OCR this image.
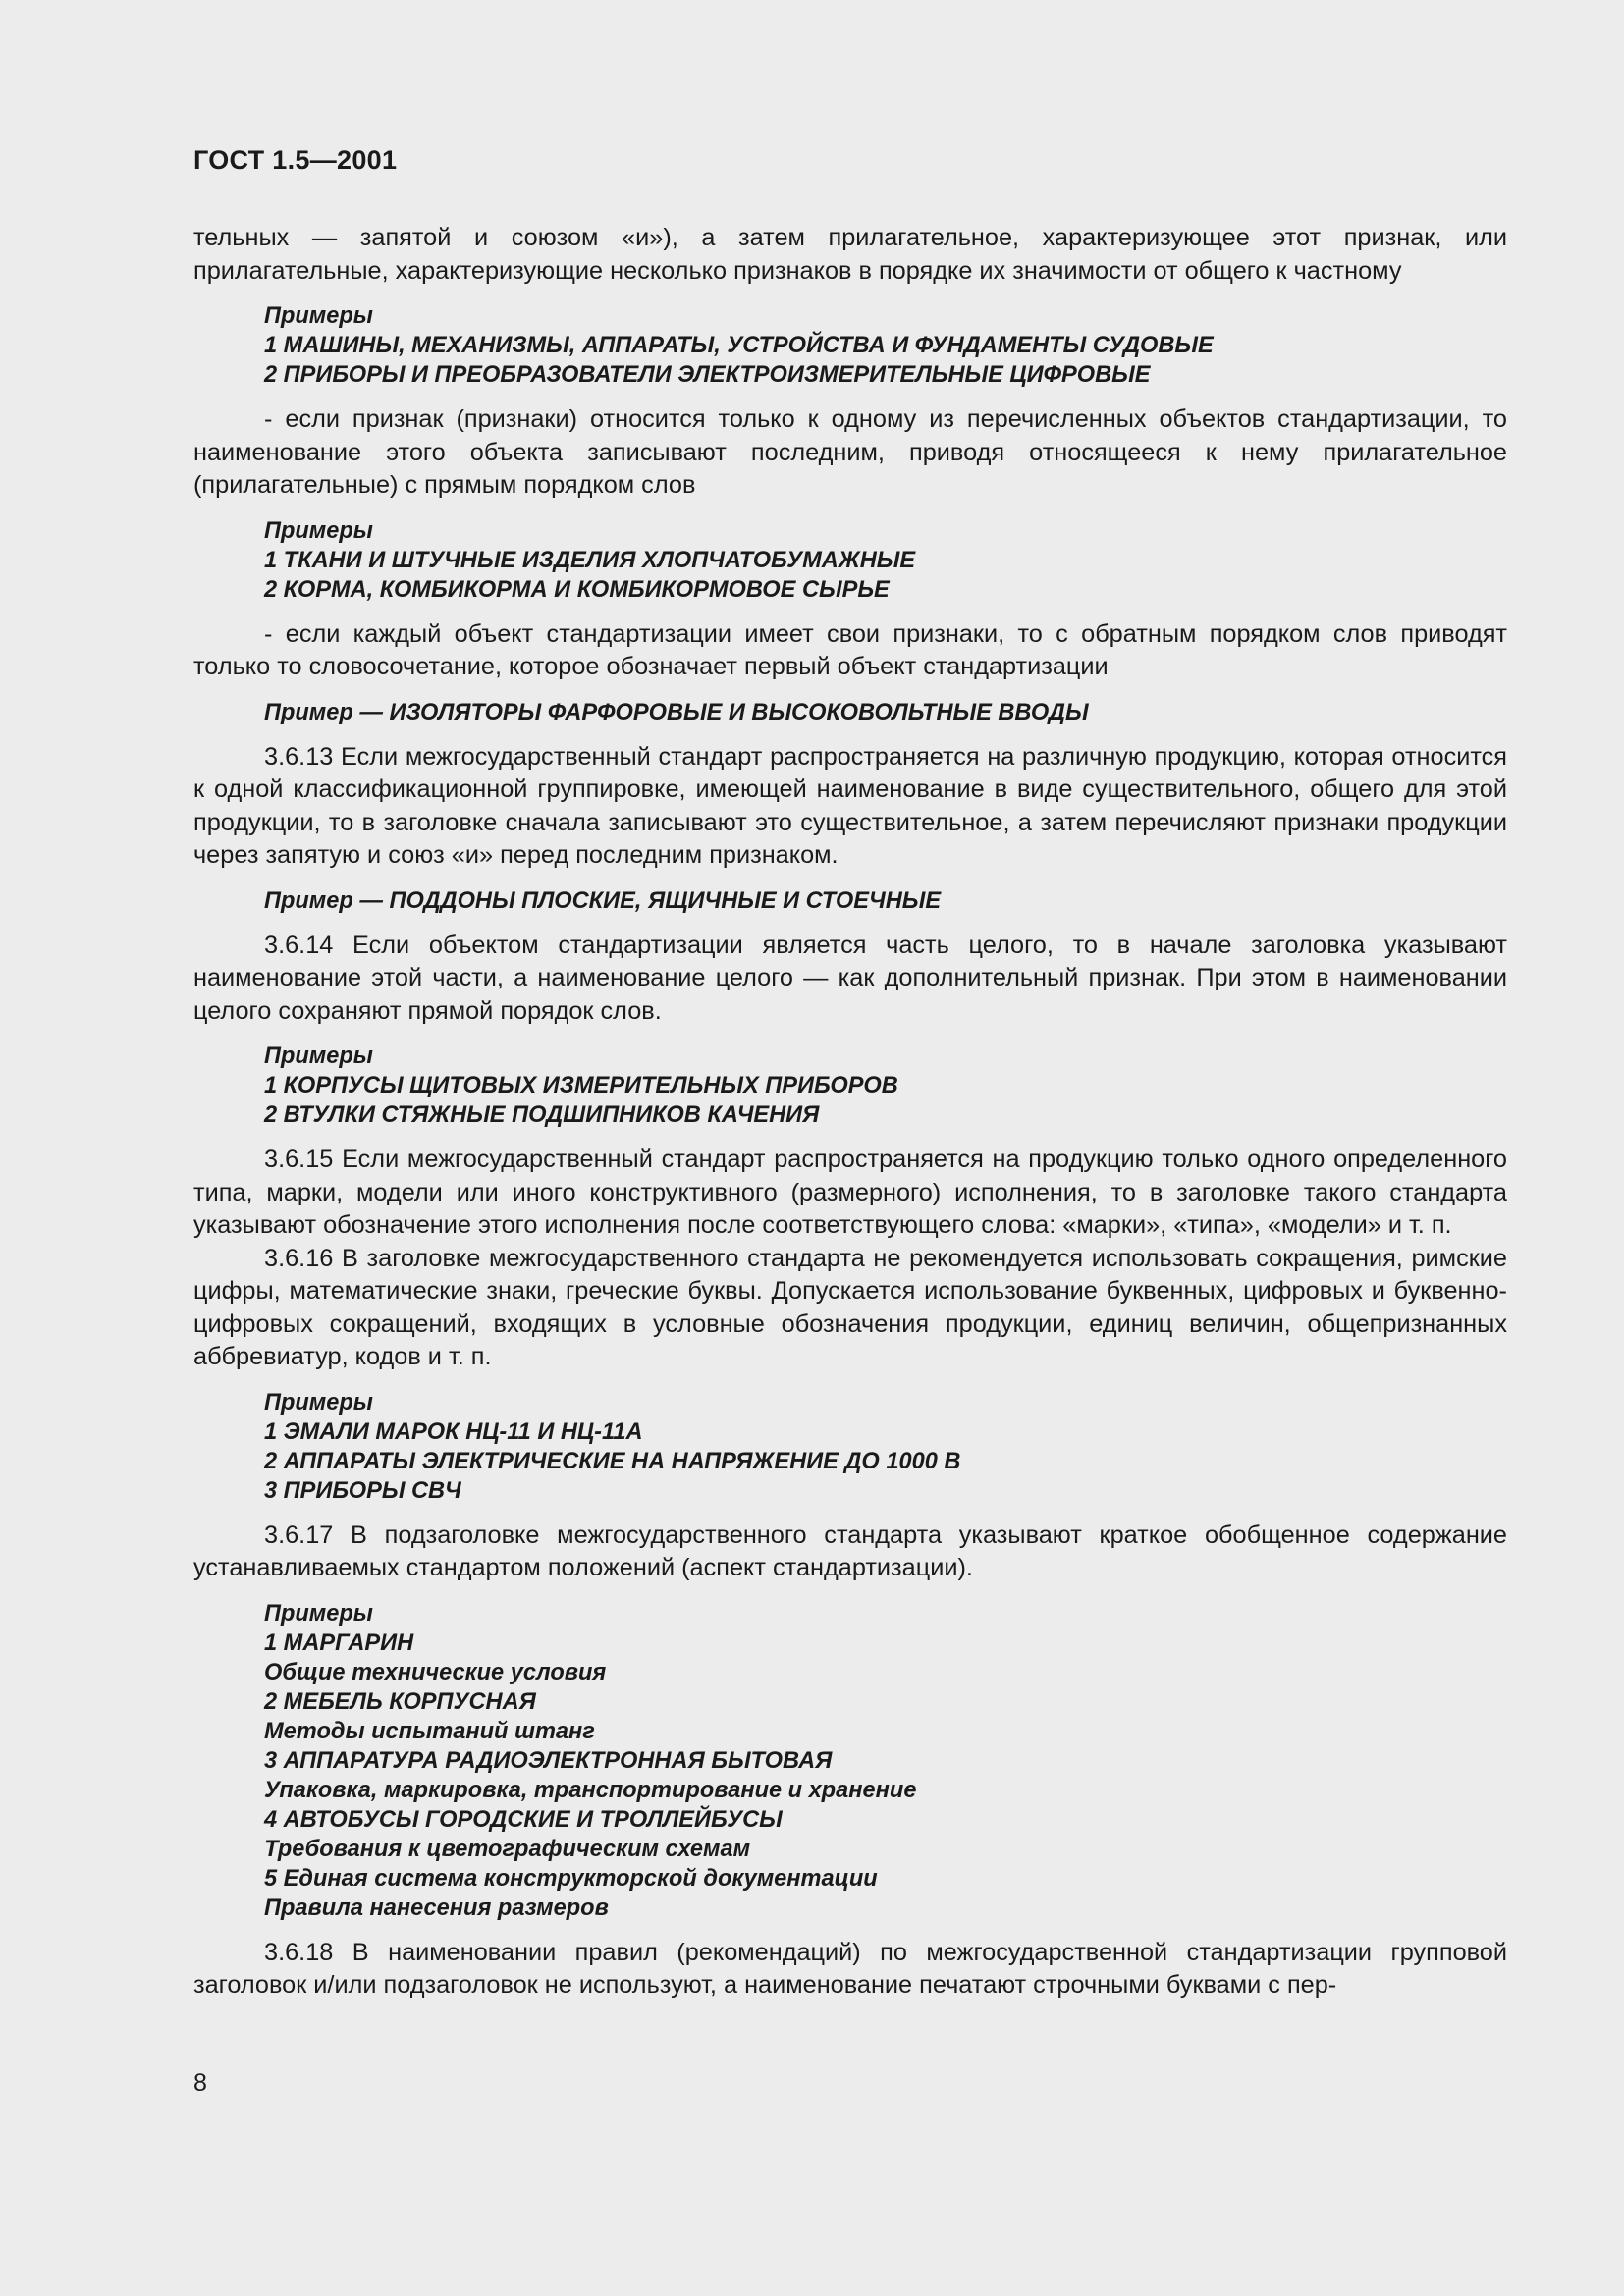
ГОСТ 1.5—2001

тельных — запятой и союзом «и»), а затем прилагательное, характеризующее этот признак, или прилагательные, характеризующие несколько признаков в порядке их значимости от общего к частному

Примеры
1 МАШИНЫ, МЕХАНИЗМЫ, АППАРАТЫ, УСТРОЙСТВА И ФУНДАМЕНТЫ СУДОВЫЕ
2 ПРИБОРЫ И ПРЕОБРАЗОВАТЕЛИ ЭЛЕКТРОИЗМЕРИТЕЛЬНЫЕ ЦИФРОВЫЕ

- если признак (признаки) относится только к одному из перечисленных объектов стандартизации, то наименование этого объекта записывают последним, приводя относящееся к нему прилагательное (прилагательные) с прямым порядком слов

Примеры
1 ТКАНИ И ШТУЧНЫЕ ИЗДЕЛИЯ ХЛОПЧАТОБУМАЖНЫЕ
2 КОРМА, КОМБИКОРМА И КОМБИКОРМОВОЕ СЫРЬЕ

- если каждый объект стандартизации имеет свои признаки, то с обратным порядком слов приводят только то словосочетание, которое обозначает первый объект стандартизации

Пример — ИЗОЛЯТОРЫ ФАРФОРОВЫЕ И ВЫСОКОВОЛЬТНЫЕ ВВОДЫ

3.6.13 Если межгосударственный стандарт распространяется на различную продукцию, которая относится к одной классификационной группировке, имеющей наименование в виде существительного, общего для этой продукции, то в заголовке сначала записывают это существительное, а затем перечисляют признаки продукции через запятую и союз «и» перед последним признаком.

Пример — ПОДДОНЫ ПЛОСКИЕ, ЯЩИЧНЫЕ И СТОЕЧНЫЕ

3.6.14 Если объектом стандартизации является часть целого, то в начале заголовка указывают наименование этой части, а наименование целого — как дополнительный признак. При этом в наименовании целого сохраняют прямой порядок слов.

Примеры
1 КОРПУСЫ ЩИТОВЫХ ИЗМЕРИТЕЛЬНЫХ ПРИБОРОВ
2 ВТУЛКИ СТЯЖНЫЕ ПОДШИПНИКОВ КАЧЕНИЯ

3.6.15 Если межгосударственный стандарт распространяется на продукцию только одного определенного типа, марки, модели или иного конструктивного (размерного) исполнения, то в заголовке такого стандарта указывают обозначение этого исполнения после соответствующего слова: «марки», «типа», «модели» и т. п.

3.6.16 В заголовке межгосударственного стандарта не рекомендуется использовать сокращения, римские цифры, математические знаки, греческие буквы. Допускается использование буквенных, цифровых и буквенно-цифровых сокращений, входящих в условные обозначения продукции, единиц величин, общепризнанных аббревиатур, кодов и т. п.

Примеры
1 ЭМАЛИ МАРОК НЦ-11 И НЦ-11А
2 АППАРАТЫ ЭЛЕКТРИЧЕСКИЕ НА НАПРЯЖЕНИЕ ДО 1000 В
3 ПРИБОРЫ СВЧ

3.6.17 В подзаголовке межгосударственного стандарта указывают краткое обобщенное содержание устанавливаемых стандартом положений (аспект стандартизации).

Примеры
1 МАРГАРИН
Общие технические условия
2 МЕБЕЛЬ КОРПУСНАЯ
Методы испытаний штанг
3 АППАРАТУРА РАДИОЭЛЕКТРОННАЯ БЫТОВАЯ
Упаковка, маркировка, транспортирование и хранение
4 АВТОБУСЫ ГОРОДСКИЕ И ТРОЛЛЕЙБУСЫ
Требования к цветографическим схемам
5 Единая система конструкторской документации
Правила нанесения размеров

3.6.18 В наименовании правил (рекомендаций) по межгосударственной стандартизации групповой заголовок и/или подзаголовок не используют, а наименование печатают строчными буквами с пер-

8
